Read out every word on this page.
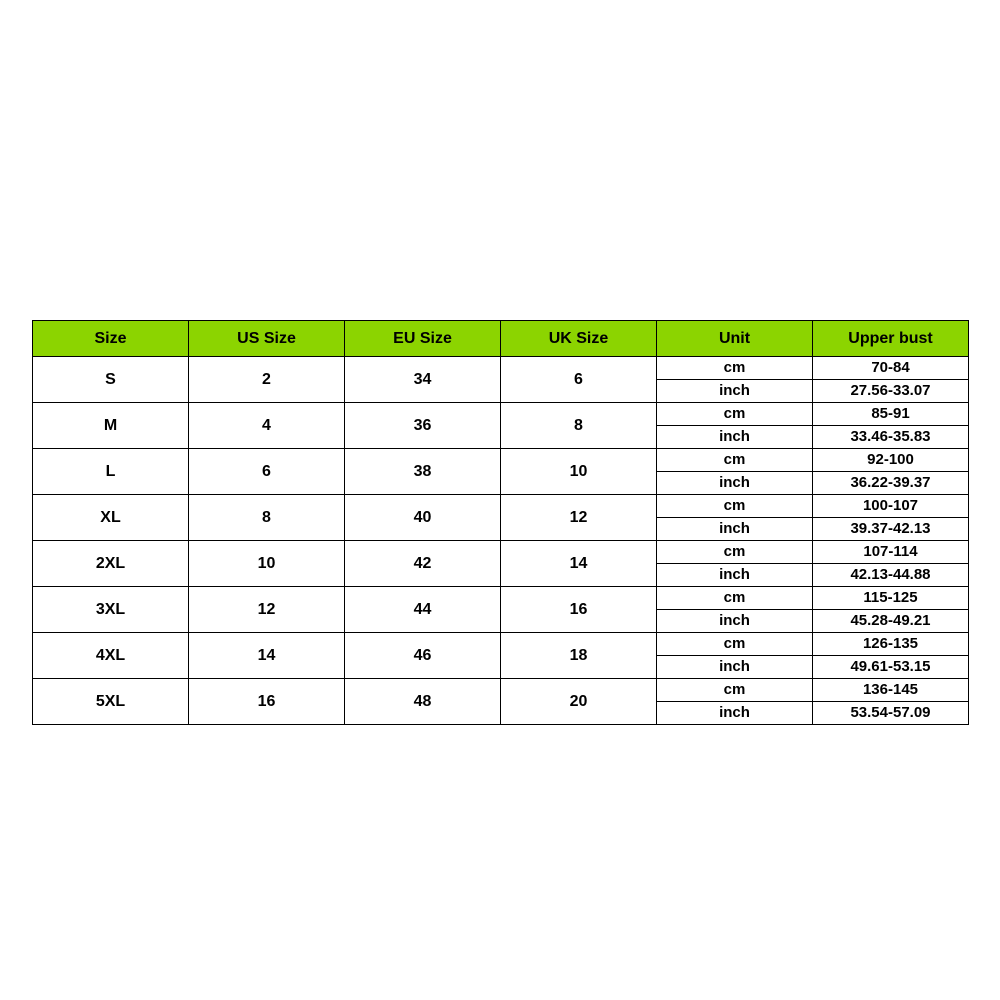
Size	US Size	EU Size	UK Size	Unit	Upper bust
S	2	34	6	cm	70-84
				inch	27.56-33.07
M	4	36	8	cm	85-91
				inch	33.46-35.83
L	6	38	10	cm	92-100
				inch	36.22-39.37
XL	8	40	12	cm	100-107
				inch	39.37-42.13
2XL	10	42	14	cm	107-114
				inch	42.13-44.88
3XL	12	44	16	cm	115-125
				inch	45.28-49.21
4XL	14	46	18	cm	126-135
				inch	49.61-53.15
5XL	16	48	20	cm	136-145
				inch	53.54-57.09
